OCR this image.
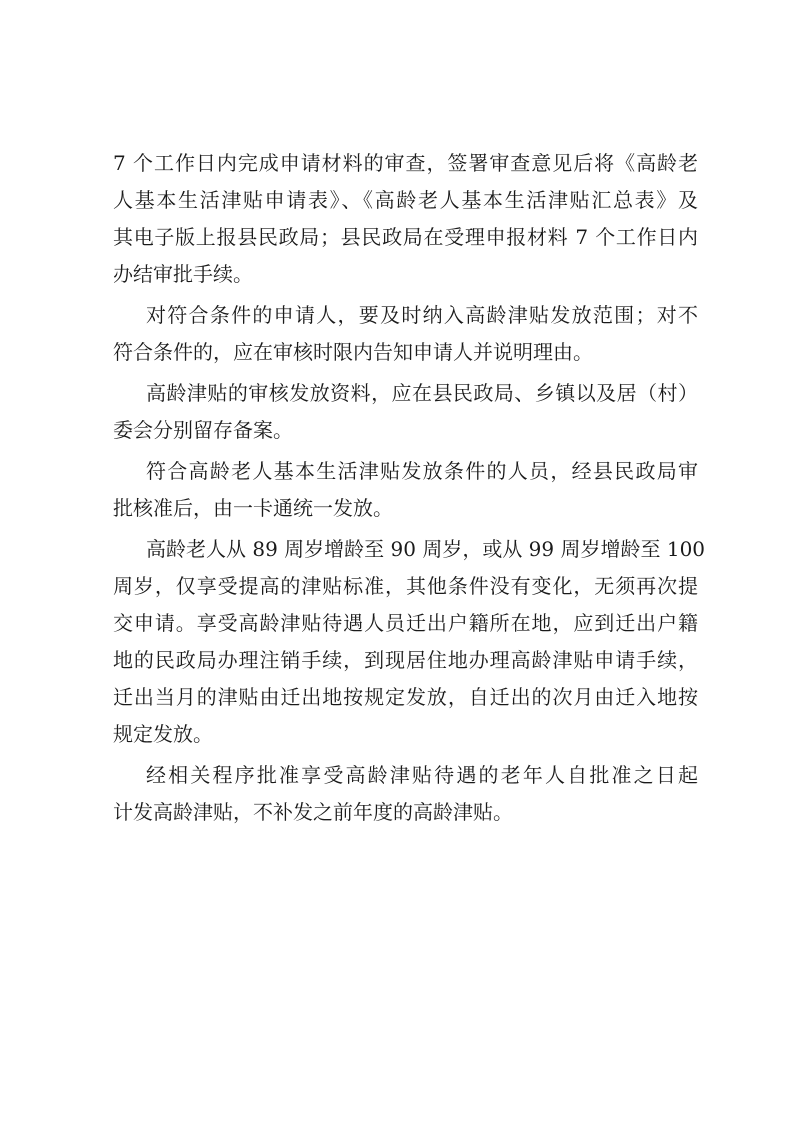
7 个工作日内完成申请材料的审查，签署审查意见后将《高龄老
人基本生活津贴申请表》、《高龄老人基本生活津贴汇总表》及
其电子版上报县民政局；县民政局在受理申报材料 7 个工作日内
办结审批手续。
对符合条件的申请人，要及时纳入高龄津贴发放范围；对不
符合条件的，应在审核时限内告知申请人并说明理由。
高龄津贴的审核发放资料，应在县民政局、乡镇以及居（村）
委会分别留存备案。
符合高龄老人基本生活津贴发放条件的人员，经县民政局审
批核准后，由一卡通统一发放。
高龄老人从 89 周岁增龄至 90 周岁，或从 99 周岁增龄至 100
周岁，仅享受提高的津贴标准，其他条件没有变化，无须再次提
交申请。享受高龄津贴待遇人员迁出户籍所在地，应到迁出户籍
地的民政局办理注销手续，到现居住地办理高龄津贴申请手续，
迁出当月的津贴由迁出地按规定发放，自迁出的次月由迁入地按
规定发放。
经相关程序批准享受高龄津贴待遇的老年人自批准之日起
计发高龄津贴，不补发之前年度的高龄津贴。
